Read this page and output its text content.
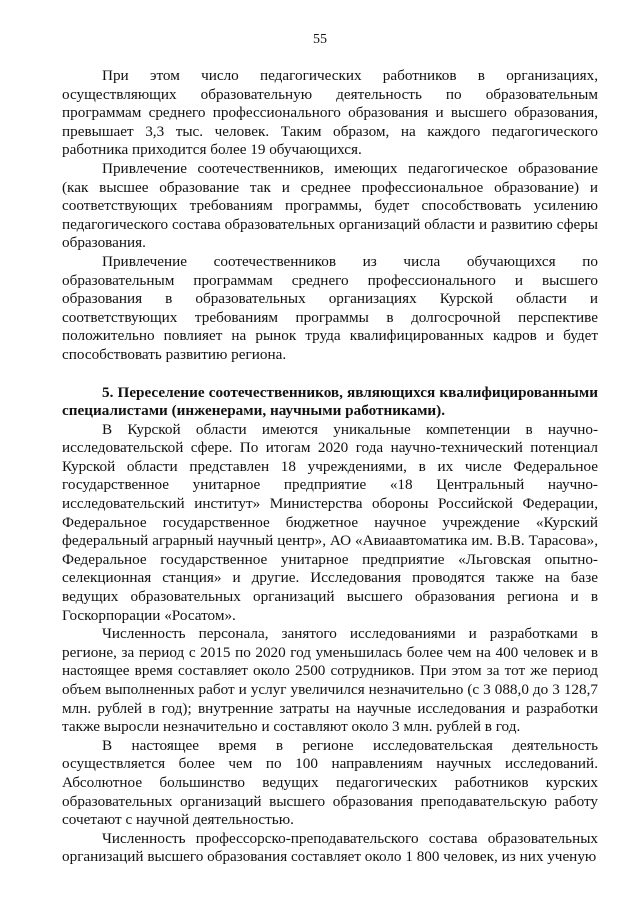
55

При этом число педагогических работников в организациях, осуществляющих образовательную деятельность по образовательным программам среднего профессионального образования и высшего образования, превышает 3,3 тыс. человек. Таким образом, на каждого педагогического работника приходится более 19 обучающихся.

Привлечение соотечественников, имеющих педагогическое образование (как высшее образование так и среднее профессиональное образование) и соответствующих требованиям программы, будет способствовать усилению педагогического состава образовательных организаций области и развитию сферы образования.

Привлечение соотечественников из числа обучающихся по образовательным программам среднего профессионального и высшего образования в образовательных организациях Курской области и соответствующих требованиям программы в долгосрочной перспективе положительно повлияет на рынок труда квалифицированных кадров и будет способствовать развитию региона.

5. Переселение соотечественников, являющихся квалифицированными специалистами (инженерами, научными работниками).

В Курской области имеются уникальные компетенции в научно-исследовательской сфере. По итогам 2020 года научно-технический потенциал Курской области представлен 18 учреждениями, в их числе Федеральное государственное унитарное предприятие «18 Центральный научно-исследовательский институт» Министерства обороны Российской Федерации, Федеральное государственное бюджетное научное учреждение «Курский федеральный аграрный научный центр», АО «Авиаавтоматика им. В.В. Тарасова», Федеральное государственное унитарное предприятие «Льговская опытно-селекционная станция» и другие. Исследования проводятся также на базе ведущих образовательных организаций высшего образования региона и в Госкорпорации «Росатом».

Численность персонала, занятого исследованиями и разработками в регионе, за период с 2015 по 2020 год уменьшилась более чем на 400 человек и в настоящее время составляет около 2500 сотрудников. При этом за тот же период объем выполненных работ и услуг увеличился незначительно (с 3 088,0 до 3 128,7 млн. рублей в год); внутренние затраты на научные исследования и разработки также выросли незначительно и составляют около 3 млн. рублей в год.

В настоящее время в регионе исследовательская деятельность осуществляется более чем по 100 направлениям научных исследований. Абсолютное большинство ведущих педагогических работников курских образовательных организаций высшего образования преподавательскую работу сочетают с научной деятельностью.

Численность профессорско-преподавательского состава образовательных организаций высшего образования составляет около 1 800 человек, из них ученую
